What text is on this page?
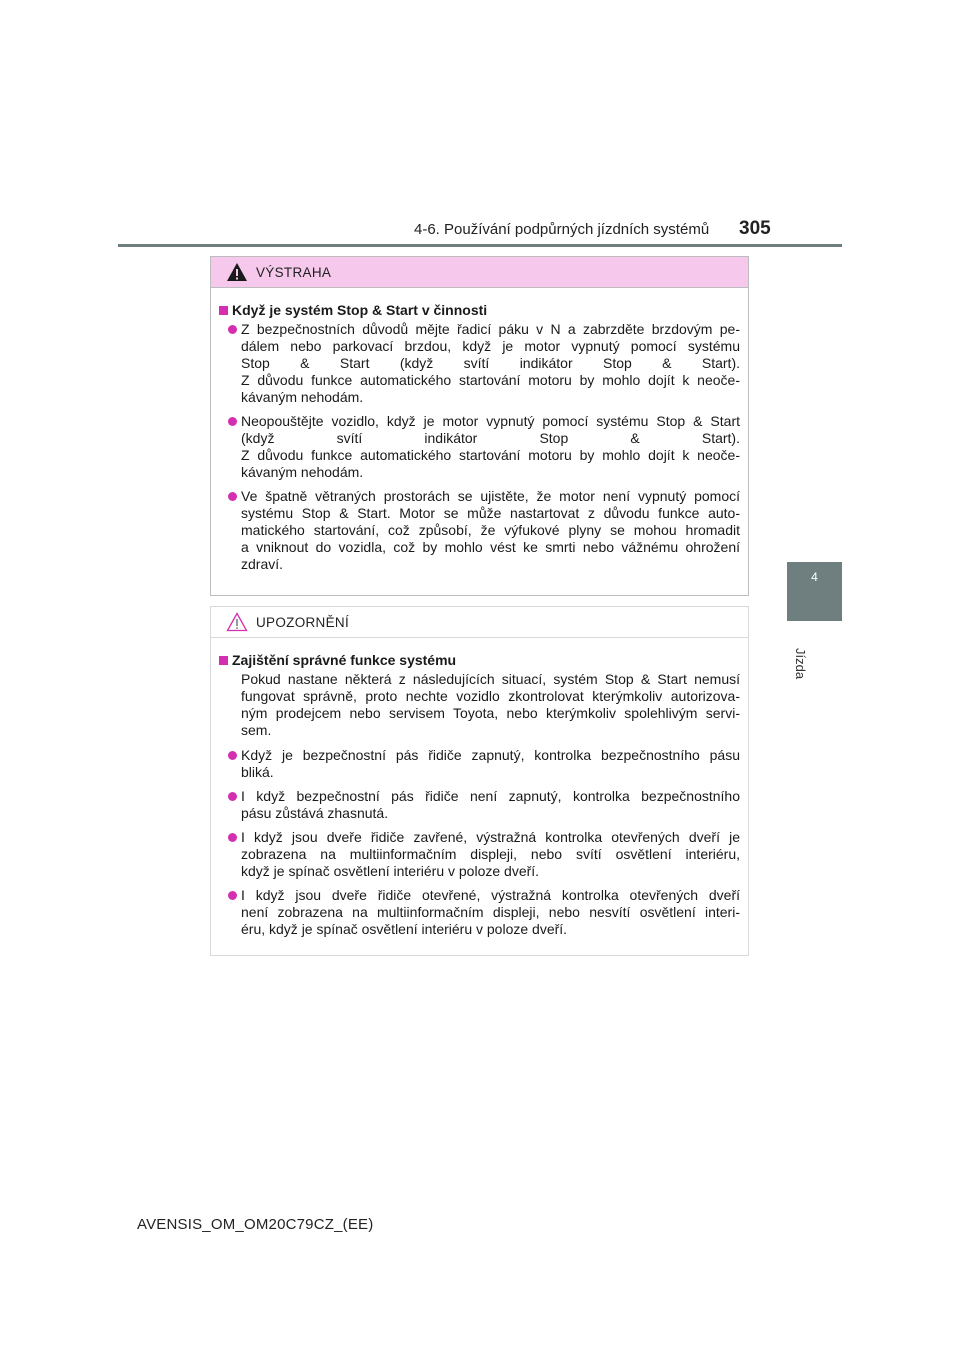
4-6. Používání podpůrných jízdních systémů 305
4
Jízda
VÝSTRAHA
Když je systém Stop & Start v činnosti
Z bezpečnostních důvodů mějte řadicí páku v N a zabrzděte brzdovým pe-
dálem nebo parkovací brzdou, když je motor vypnutý pomocí systému
Stop & Start (když svítí indikátor Stop & Start).
Z důvodu funkce automatického startování motoru by mohlo dojít k neoče-
kávaným nehodám.
Neopouštějte vozidlo, když je motor vypnutý pomocí systému Stop & Start
(když svítí indikátor Stop & Start).
Z důvodu funkce automatického startování motoru by mohlo dojít k neoče-
kávaným nehodám.
Ve špatně větraných prostorách se ujistěte, že motor není vypnutý pomocí
systému Stop & Start. Motor se může nastartovat z důvodu funkce auto-
matického startování, což způsobí, že výfukové plyny se mohou hromadit
a vniknout do vozidla, což by mohlo vést ke smrti nebo vážnému ohrožení
zdraví.
UPOZORNĚNÍ
Zajištění správné funkce systému
Pokud nastane některá z následujících situací, systém Stop & Start nemusí
fungovat správně, proto nechte vozidlo zkontrolovat kterýmkoliv autorizova-
ným prodejcem nebo servisem Toyota, nebo kterýmkoliv spolehlivým servi-
sem.
Když je bezpečnostní pás řidiče zapnutý, kontrolka bezpečnostního pásu
bliká.
I když bezpečnostní pás řidiče není zapnutý, kontrolka bezpečnostního
pásu zůstává zhasnutá.
I když jsou dveře řidiče zavřené, výstražná kontrolka otevřených dveří je
zobrazena na multiinformačním displeji, nebo svítí osvětlení interiéru,
když je spínač osvětlení interiéru v poloze dveří.
I když jsou dveře řidiče otevřené, výstražná kontrolka otevřených dveří
není zobrazena na multiinformačním displeji, nebo nesvítí osvětlení interi-
éru, když je spínač osvětlení interiéru v poloze dveří.
AVENSIS_OM_OM20C79CZ_(EE)
